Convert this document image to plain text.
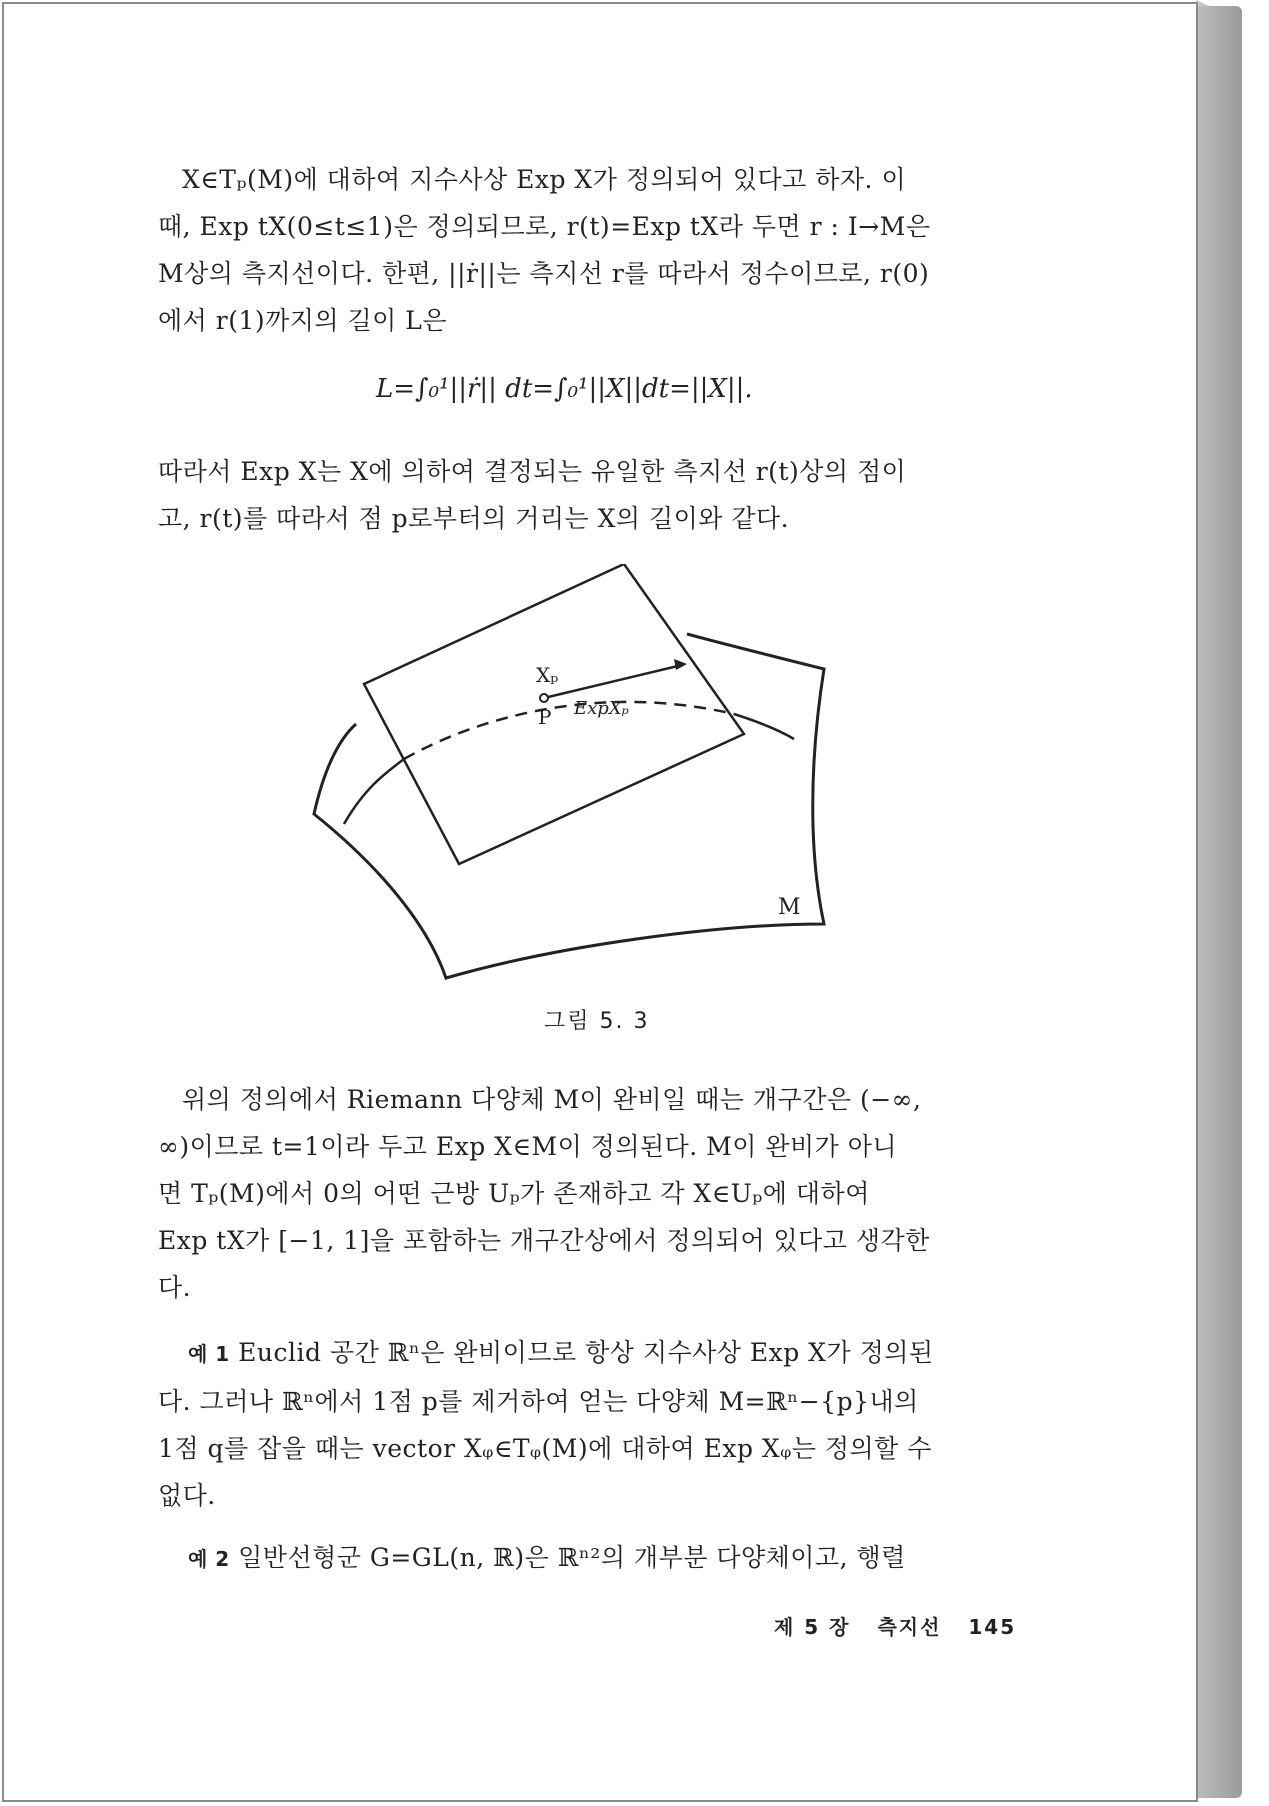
X∈Tₚ(M)에 대하여 지수사상 Exp X가 정의되어 있다고 하자. 이
때, Exp tX(0≤t≤1)은 정의되므로, r(t)=Exp tX라 두면 r : I→M은
M상의 측지선이다. 한편, ||ṙ||는 측지선 r를 따라서 정수이므로, r(0)
에서 r(1)까지의 길이 L은
L=∫₀¹||ṙ|| dt=∫₀¹||X||dt=||X||.
따라서 Exp X는 X에 의하여 결정되는 유일한 측지선 r(t)상의 점이
고, r(t)를 따라서 점 p로부터의 거리는 X의 길이와 같다.
Xₚ
P ExpXₚ
M
그림 5. 3
위의 정의에서 Riemann 다양체 M이 완비일 때는 개구간은 (−∞,
∞)이므로 t=1이라 두고 Exp X∈M이 정의된다. M이 완비가 아니
면 Tₚ(M)에서 0의 어떤 근방 Uₚ가 존재하고 각 X∈Uₚ에 대하여
Exp tX가 [−1, 1]을 포함하는 개구간상에서 정의되어 있다고 생각한
다.
예 1 Euclid 공간 ℝⁿ은 완비이므로 항상 지수사상 Exp X가 정의된
다. 그러나 ℝⁿ에서 1점 p를 제거하여 얻는 다양체 M=ℝⁿ−{p}내의
1점 q를 잡을 때는 vector Xᵩ∈Tᵩ(M)에 대하여 Exp Xᵩ는 정의할 수
없다.
예 2 일반선형군 G=GL(n, ℝ)은 ℝⁿ²의 개부분 다양체이고, 행렬
제 5 장 측지선 145
